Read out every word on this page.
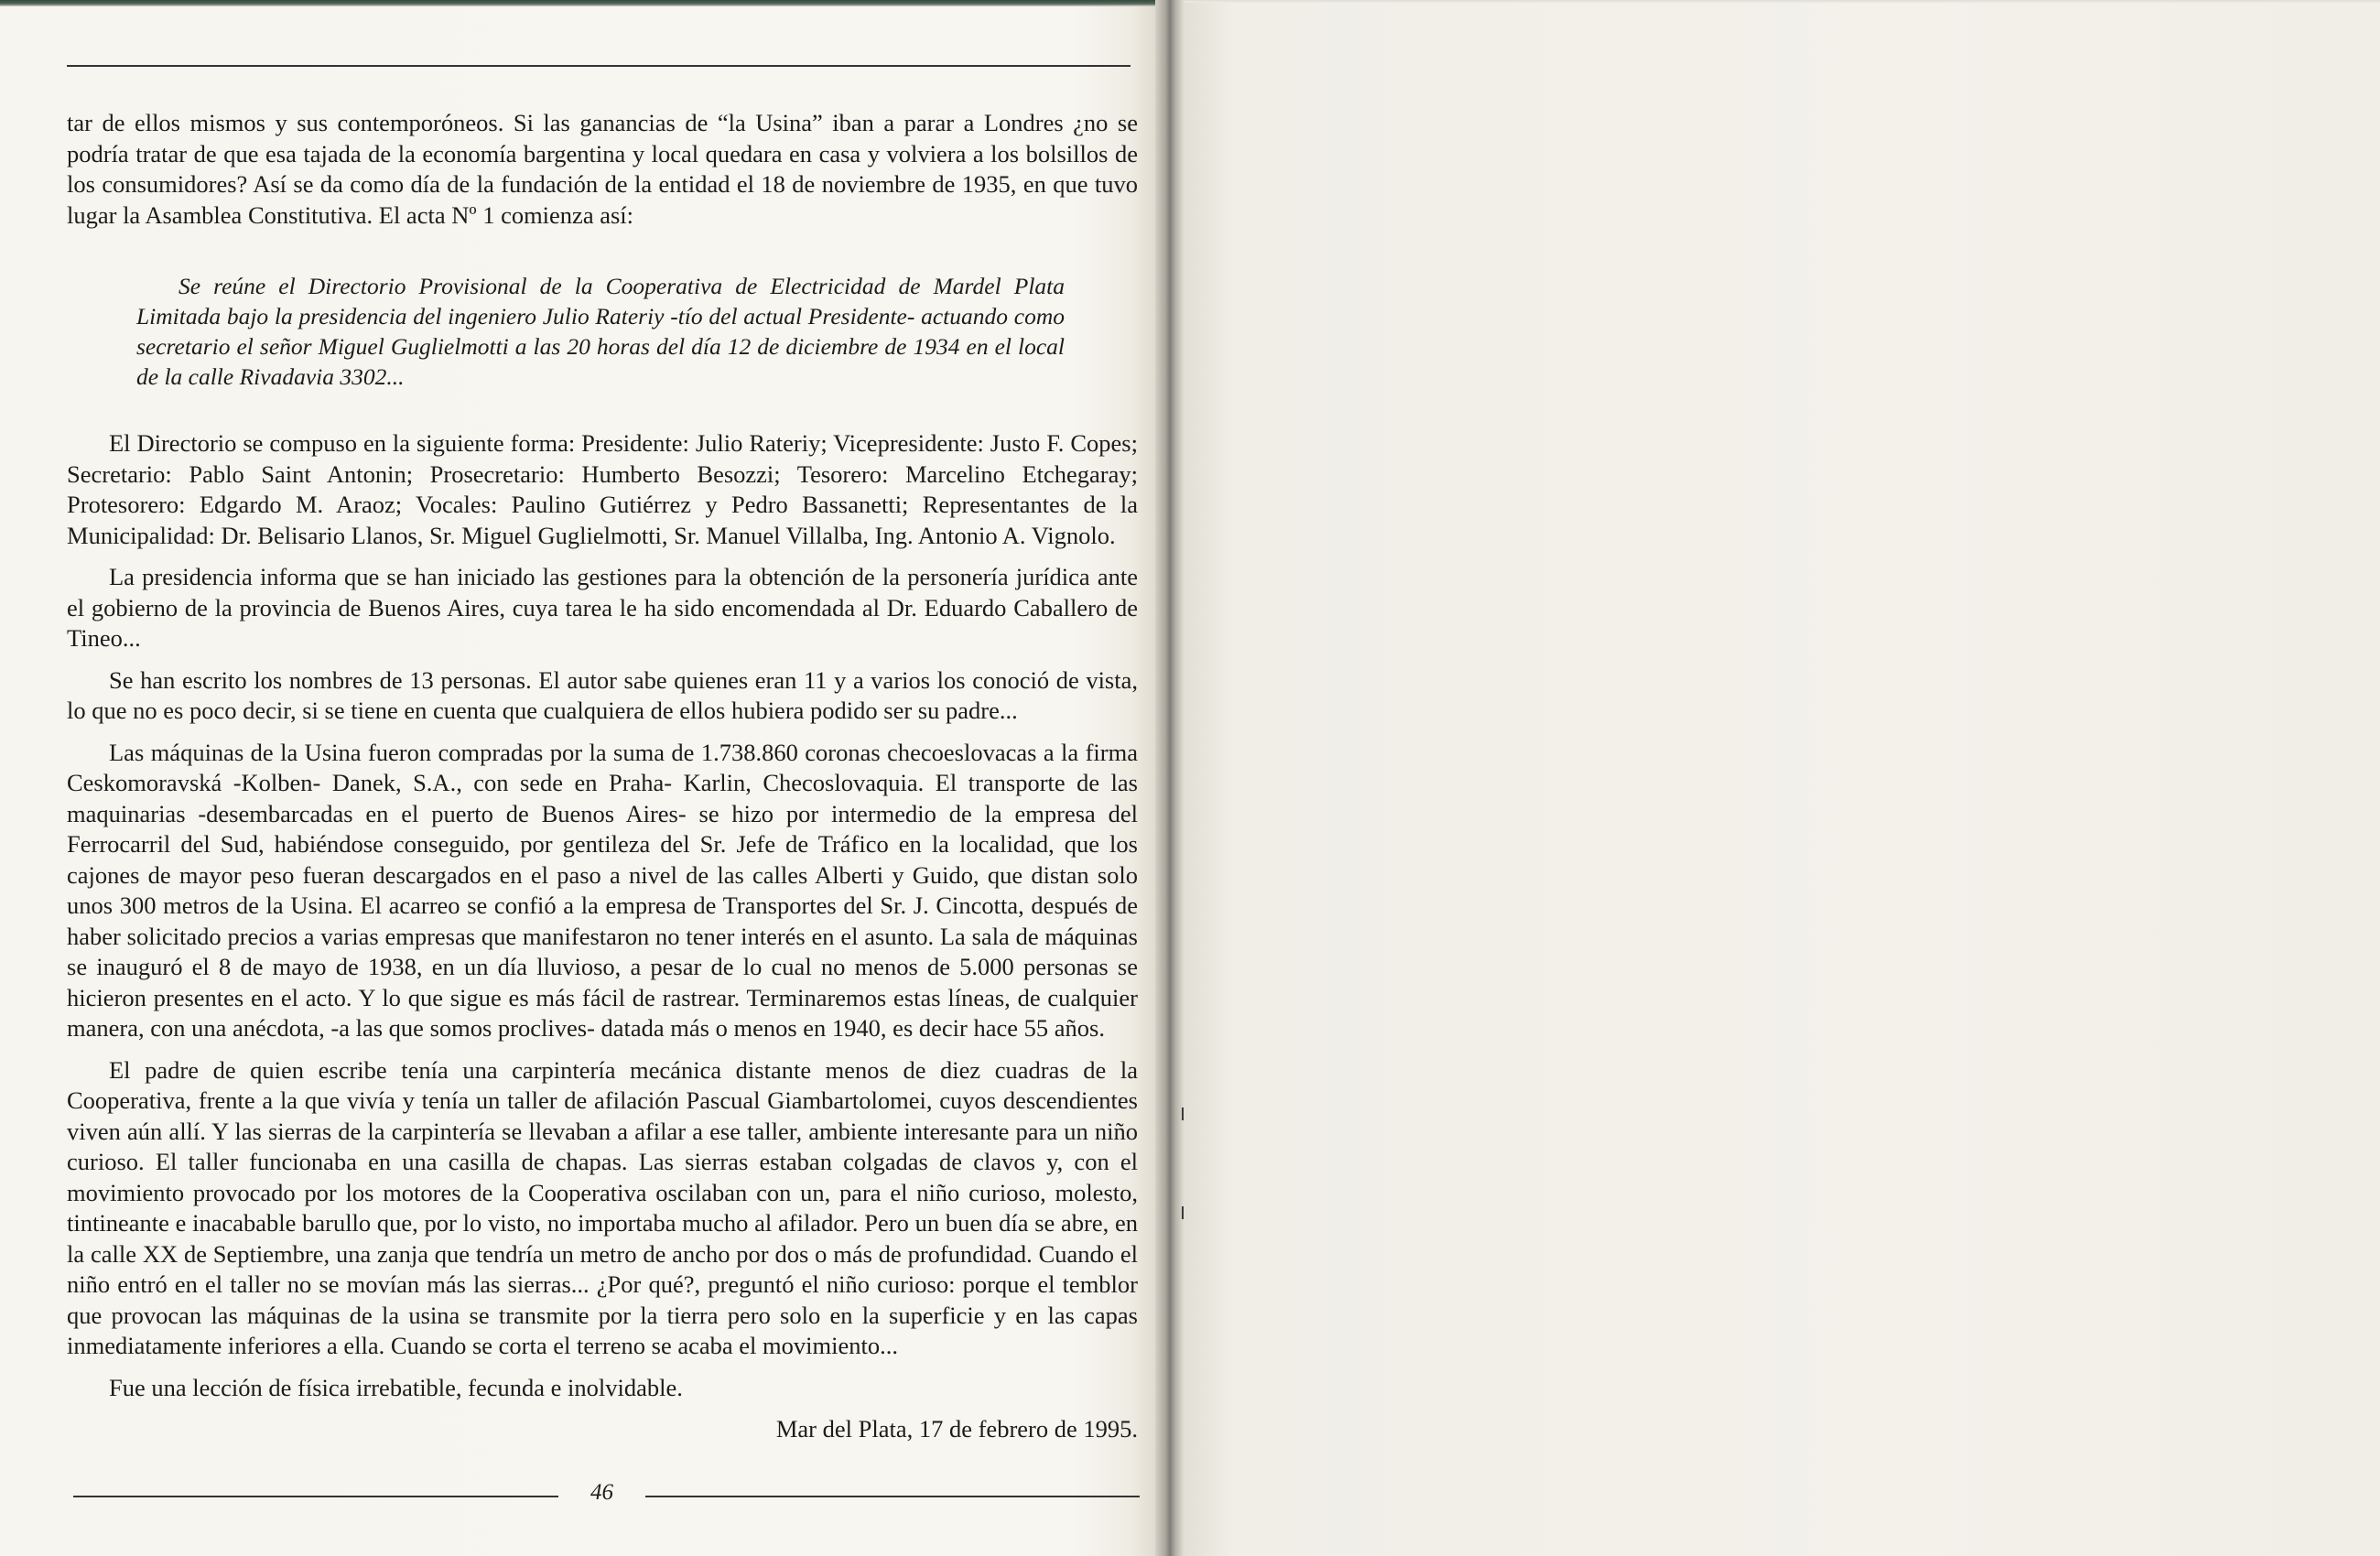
tar de ellos mismos y sus contemporóneos. Si las ganancias de “la Usina” iban a parar a Londres ¿no se podría tratar de que esa tajada de la economía bargentina y local quedara en casa y volviera a los bolsillos de los consumidores? Así se da como día de la fundación de la entidad el 18 de noviembre de 1935, en que tuvo lugar la Asamblea Constitutiva. El acta Nº 1 comienza así:

Se reúne el Directorio Provisional de la Cooperativa de Electricidad de Mardel Plata Limitada bajo la presidencia del ingeniero Julio Rateriy -tío del actual Presidente- actuando como secretario el señor Miguel Guglielmotti a las 20 horas del día 12 de diciembre de 1934 en el local de la calle Rivadavia 3302...

El Directorio se compuso en la siguiente forma: Presidente: Julio Rateriy; Vicepresidente: Justo F. Copes; Secretario: Pablo Saint Antonin; Prosecretario: Humberto Besozzi; Tesorero: Marcelino Etchegaray; Protesorero: Edgardo M. Araoz; Vocales: Paulino Gutiérrez y Pedro Bassanetti; Representantes de la Municipalidad: Dr. Belisario Llanos, Sr. Miguel Guglielmotti, Sr. Manuel Villalba, Ing. Antonio A. Vignolo.

La presidencia informa que se han iniciado las gestiones para la obtención de la personería jurídica ante el gobierno de la provincia de Buenos Aires, cuya tarea le ha sido encomendada al Dr. Eduardo Caballero de Tineo...

Se han escrito los nombres de 13 personas. El autor sabe quienes eran 11 y a varios los conoció de vista, lo que no es poco decir, si se tiene en cuenta que cualquiera de ellos hubiera podido ser su padre...

Las máquinas de la Usina fueron compradas por la suma de 1.738.860 coronas checoeslovacas a la firma Ceskomoravská -Kolben- Danek, S.A., con sede en Praha- Karlin, Checoslovaquia. El transporte de las maquinarias -desembarcadas en el puerto de Buenos Aires- se hizo por intermedio de la empresa del Ferrocarril del Sud, habiéndose conseguido, por gentileza del Sr. Jefe de Tráfico en la localidad, que los cajones de mayor peso fueran descargados en el paso a nivel de las calles Alberti y Guido, que distan solo unos 300 metros de la Usina. El acarreo se confió a la empresa de Transportes del Sr. J. Cincotta, después de haber solicitado precios a varias empresas que manifestaron no tener interés en el asunto. La sala de máquinas se inauguró el 8 de mayo de 1938, en un día lluvioso, a pesar de lo cual no menos de 5.000 personas se hicieron presentes en el acto. Y lo que sigue es más fácil de rastrear. Terminaremos estas líneas, de cualquier manera, con una anécdota, -a las que somos proclives- datada más o menos en 1940, es decir hace 55 años.

El padre de quien escribe tenía una carpintería mecánica distante menos de diez cuadras de la Cooperativa, frente a la que vivía y tenía un taller de afilación Pascual Giambartolomei, cuyos descendientes viven aún allí. Y las sierras de la carpintería se llevaban a afilar a ese taller, ambiente interesante para un niño curioso. El taller funcionaba en una casilla de chapas. Las sierras estaban colgadas de clavos y, con el movimiento provocado por los motores de la Cooperativa oscilaban con un, para el niño curioso, molesto, tintineante e inacabable barullo que, por lo visto, no importaba mucho al afilador. Pero un buen día se abre, en la calle XX de Septiembre, una zanja que tendría un metro de ancho por dos o más de profundidad. Cuando el niño entró en el taller no se movían más las sierras... ¿Por qué?, preguntó el niño curioso: porque el temblor que provocan las máquinas de la usina se transmite por la tierra pero solo en la superficie y en las capas inmediatamente inferiores a ella. Cuando se corta el terreno se acaba el movimiento...

Fue una lección de física irrebatible, fecunda e inolvidable.

Mar del Plata, 17 de febrero de 1995.

46
